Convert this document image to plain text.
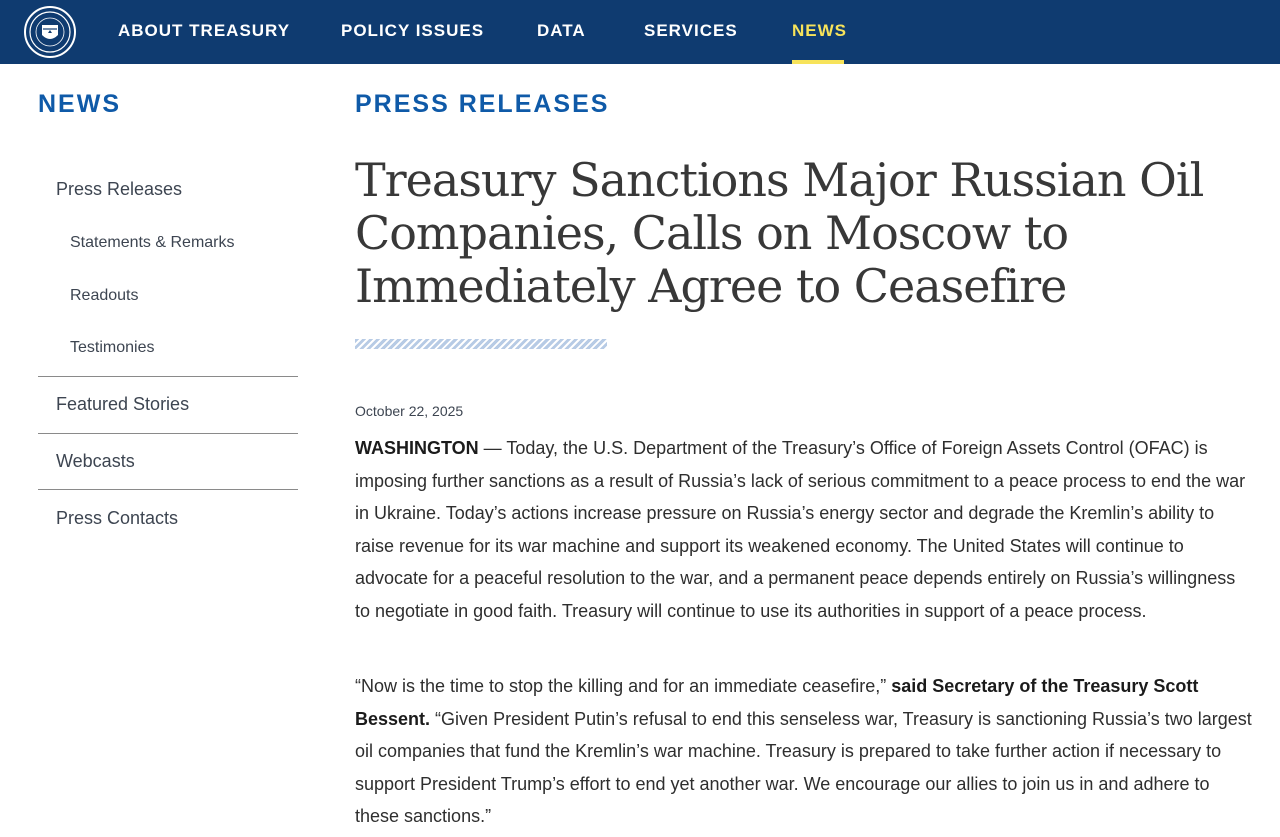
ABOUT TREASURY	POLICY ISSUES	DATA	SERVICES	NEWS
NEWS
Press Releases
Statements & Remarks
Readouts
Testimonies
Featured Stories
Webcasts
Press Contacts
PRESS RELEASES
Treasury Sanctions Major Russian Oil Companies, Calls on Moscow to Immediately Agree to Ceasefire
October 22, 2025

WASHINGTON — Today, the U.S. Department of the Treasury’s Office of Foreign Assets Control (OFAC) is imposing further sanctions as a result of Russia’s lack of serious commitment to a peace process to end the war in Ukraine. Today’s actions increase pressure on Russia’s energy sector and degrade the Kremlin’s ability to raise revenue for its war machine and support its weakened economy. The United States will continue to advocate for a peaceful resolution to the war, and a permanent peace depends entirely on Russia’s willingness to negotiate in good faith. Treasury will continue to use its authorities in support of a peace process.

“Now is the time to stop the killing and for an immediate ceasefire,” said Secretary of the Treasury Scott Bessent. “Given President Putin’s refusal to end this senseless war, Treasury is sanctioning Russia’s two largest oil companies that fund the Kremlin’s war machine. Treasury is prepared to take further action if necessary to support President Trump’s effort to end yet another war. We encourage our allies to join us in and adhere to these sanctions.”
